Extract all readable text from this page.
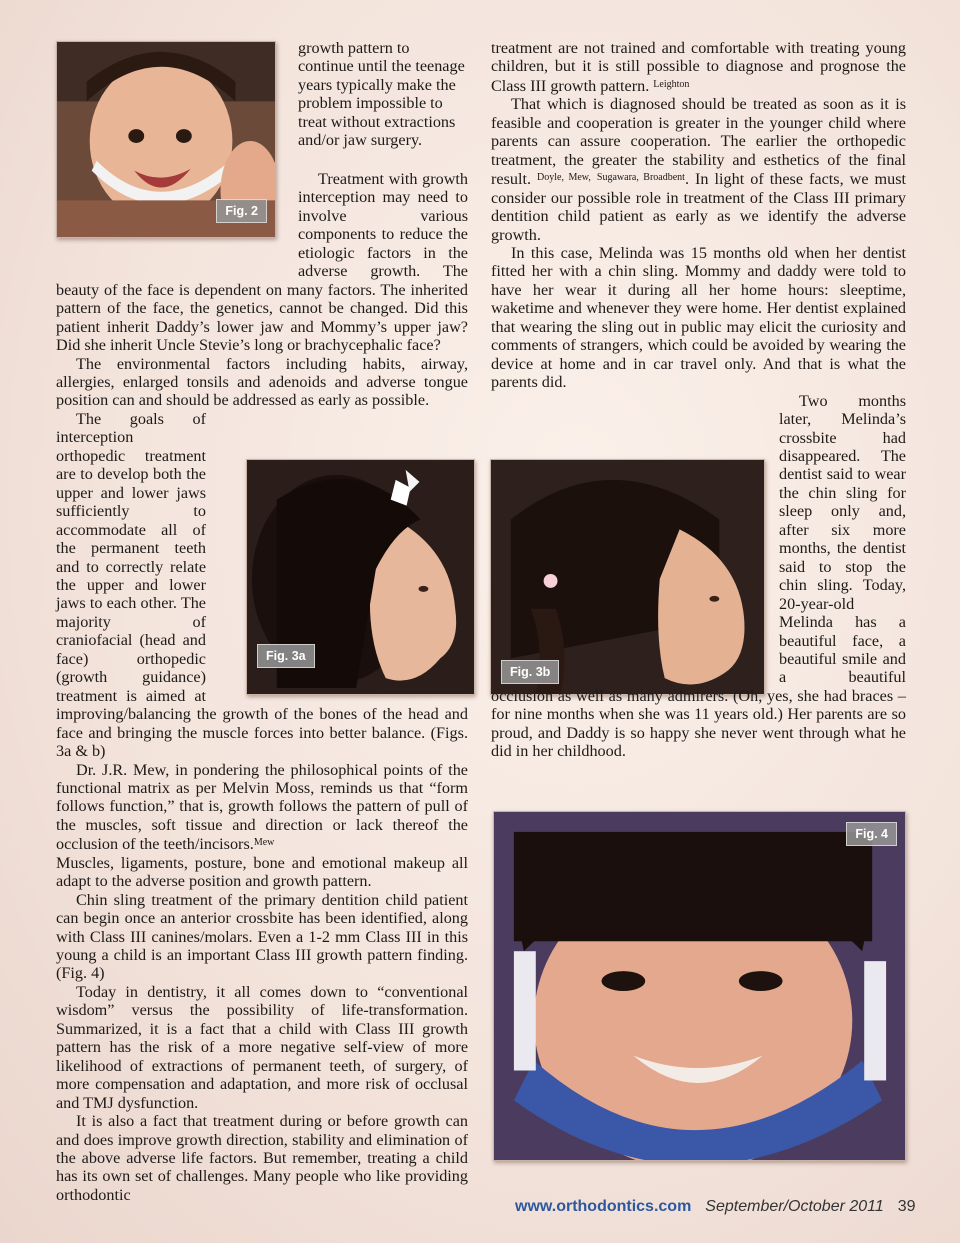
Fig. 2
Fig. 3a
Fig. 3b
Fig. 4

growth pattern to continue until the teenage years typically make the problem impossible to treat without extractions and/or jaw surgery.

Treatment with growth interception may need to involve various components to reduce the etiologic factors in the adverse growth. The beauty of the face is dependent on many factors. The inherited pattern of the face, the genetics, cannot be changed. Did this patient inherit Daddy’s lower jaw and Mommy’s upper jaw? Did she inherit Uncle Stevie’s long or brachycephalic face?

The environmental factors including habits, airway, allergies, enlarged tonsils and adenoids and adverse tongue position can and should be addressed as early as possible.

The goals of interception orthopedic treatment are to develop both the upper and lower jaws sufficiently to accommodate all of the permanent teeth and to correctly relate the upper and lower jaws to each other. The majority of craniofacial (head and face) orthopedic (growth guidance) treatment is aimed at improving/balancing the growth of the bones of the head and face and bringing the muscle forces into better balance. (Figs. 3a & b)

Dr. J.R. Mew, in pondering the philosophical points of the functional matrix as per Melvin Moss, reminds us that “form follows function,” that is, growth follows the pattern of pull of the muscles, soft tissue and direction or lack thereof the occlusion of the teeth/incisors.$^{Mew}$

Muscles, ligaments, posture, bone and emotional makeup all adapt to the adverse position and growth pattern.

Chin sling treatment of the primary dentition child patient can begin once an anterior crossbite has been identified, along with Class III canines/molars. Even a 1-2 mm Class III in this young a child is an important Class III growth pattern finding. (Fig. 4)

Today in dentistry, it all comes down to “conventional wisdom” versus the possibility of life-transformation. Summarized, it is a fact that a child with Class III growth pattern has the risk of a more negative self-view of more likelihood of extractions of permanent teeth, of surgery, of more compensation and adaptation, and more risk of occlusal and TMJ dysfunction.

It is also a fact that treatment during or before growth can and does improve growth direction, stability and elimination of the above adverse life factors. But remember, treating a child has its own set of challenges. Many people who like providing orthodontic

treatment are not trained and comfortable with treating young children, but it is still possible to diagnose and prognose the Class III growth pattern. $^{Leighton}$

That which is diagnosed should be treated as soon as it is feasible and cooperation is greater in the younger child where parents can assure cooperation. The earlier the orthopedic treatment, the greater the stability and esthetics of the final result. $^{Doyle, Mew,}$ $^{Sugawara, Broadbent}$. In light of these facts, we must consider our possible role in treatment of the Class III primary dentition child patient as early as we identify the adverse growth.

In this case, Melinda was 15 months old when her dentist fitted her with a chin sling. Mommy and daddy were told to have her wear it during all her home hours: sleeptime, waketime and whenever they were home. Her dentist explained that wearing the sling out in public may elicit the curiosity and comments of strangers, which could be avoided by wearing the device at home and in car travel only. And that is what the parents did.

Two months later, Melinda’s crossbite had disappeared. The dentist said to wear the chin sling for sleep only and, after six more months, the dentist said to stop the chin sling. Today, 20-year-old Melinda has a beautiful face, a beautiful smile and a beautiful occlusion as well as many admirers. (Oh, yes, she had braces – for nine months when she was 11 years old.) Her parents are so proud, and Daddy is so happy she never went through what he did in her childhood.

www.orthodontics.com September/October 2011 39
